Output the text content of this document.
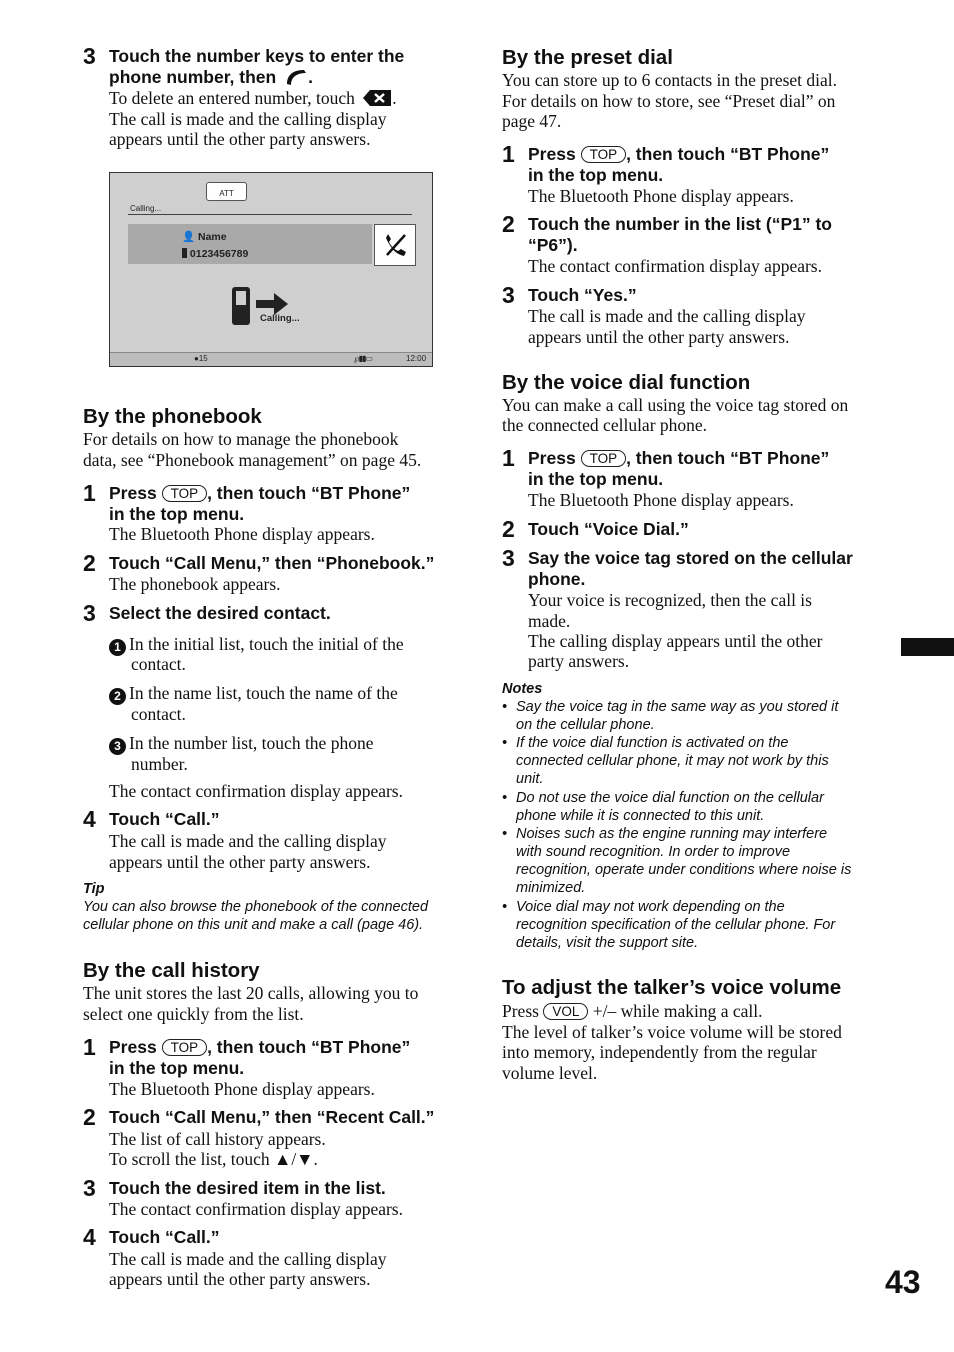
3 Touch the number keys to enter the
phone number, then .
To delete an entered number, touch .
The call is made and the calling display
appears until the other party answers.
ATT
Calling...
👤 Name
0123456789
Calling...
●15	℘▮▮▭	12:00
By the phonebook
For details on how to manage the phonebook
data, see “Phonebook management” on page 45.
1 Press TOP , then touch “BT Phone”
in the top menu.
The Bluetooth Phone display appears.
2 Touch “Call Menu,” then “Phonebook.”
The phonebook appears.
3 Select the desired contact.
1 In the initial list, touch the initial of the
contact.
2 In the name list, touch the name of the
contact.
3 In the number list, touch the phone
number.
The contact confirmation display appears.
4 Touch “Call.”
The call is made and the calling display
appears until the other party answers.
Tip
You can also browse the phonebook of the connected
cellular phone on this unit and make a call (page 46).
By the call history
The unit stores the last 20 calls, allowing you to
select one quickly from the list.
1 Press TOP , then touch “BT Phone”
in the top menu.
The Bluetooth Phone display appears.
2 Touch “Call Menu,” then “Recent Call.”
The list of call history appears.
To scroll the list, touch ▲/▼.
3 Touch the desired item in the list.
The contact confirmation display appears.
4 Touch “Call.”
The call is made and the calling display
appears until the other party answers.
By the preset dial
You can store up to 6 contacts in the preset dial.
For details on how to store, see “Preset dial” on
page 47.
1 Press TOP , then touch “BT Phone”
in the top menu.
The Bluetooth Phone display appears.
2 Touch the number in the list (“P1” to
“P6”).
The contact confirmation display appears.
3 Touch “Yes.”
The call is made and the calling display
appears until the other party answers.
By the voice dial function
You can make a call using the voice tag stored on
the connected cellular phone.
1 Press TOP , then touch “BT Phone”
in the top menu.
The Bluetooth Phone display appears.
2 Touch “Voice Dial.”
3 Say the voice tag stored on the cellular
phone.
Your voice is recognized, then the call is
made.
The calling display appears until the other
party answers.
Notes
• Say the voice tag in the same way as you stored it
on the cellular phone.
• If the voice dial function is activated on the
connected cellular phone, it may not work by this
unit.
• Do not use the voice dial function on the cellular
phone while it is connected to this unit.
• Noises such as the engine running may interfere
with sound recognition. In order to improve
recognition, operate under conditions where noise is
minimized.
• Voice dial may not work depending on the
recognition specification of the cellular phone. For
details, visit the support site.
To adjust the talker’s voice volume
Press VOL +/– while making a call.
The level of talker’s voice volume will be stored
into memory, independently from the regular
volume level.
43
